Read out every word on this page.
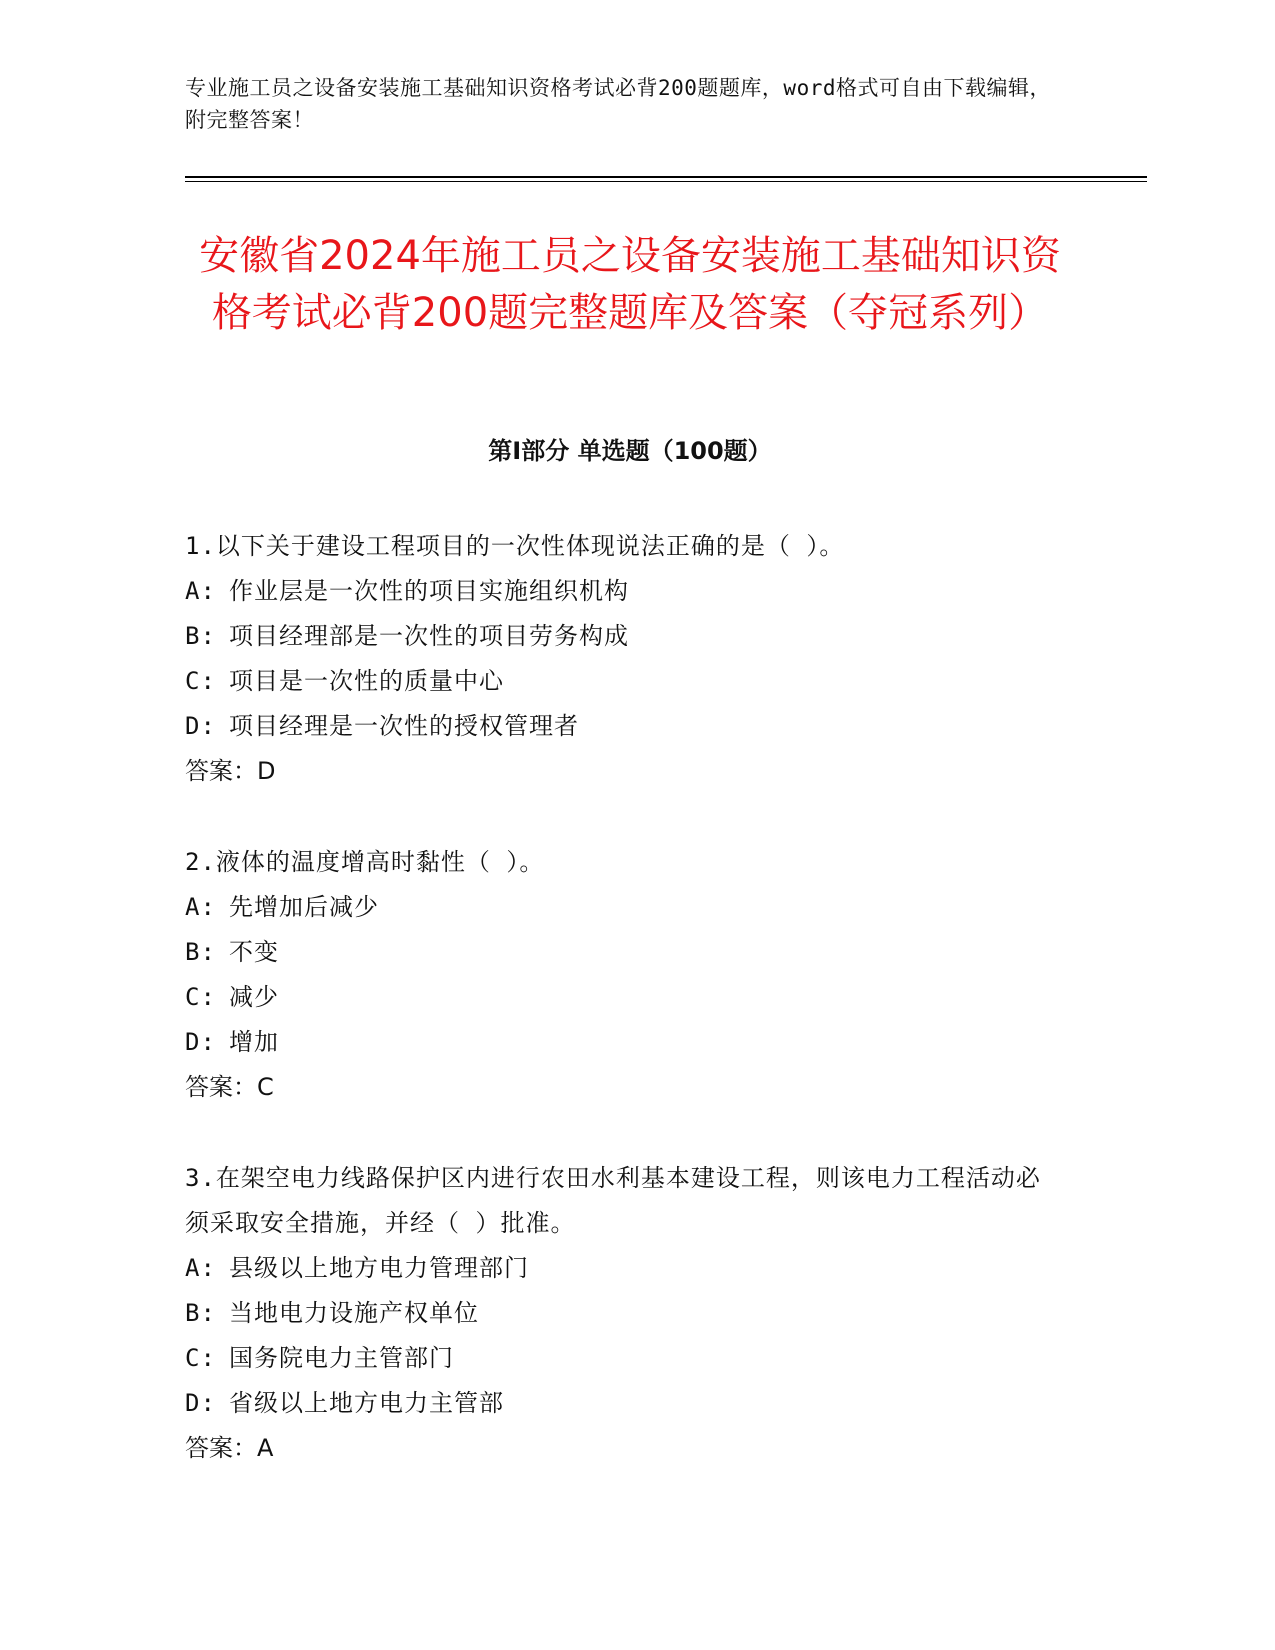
专业施工员之设备安装施工基础知识资格考试必背200题题库，word格式可自由下载编辑，附完整答案！
安徽省2024年施工员之设备安装施工基础知识资格考试必背200题完整题库及答案（夺冠系列）
第Ⅰ部分 单选题（100题）

1.以下关于建设工程项目的一次性体现说法正确的是（ ）。

A: 作业层是一次性的项目实施组织机构

B: 项目经理部是一次性的项目劳务构成

C: 项目是一次性的质量中心

D: 项目经理是一次性的授权管理者

答案：D

2.液体的温度增高时黏性（ ）。

A: 先增加后减少

B: 不变

C: 减少

D: 增加

答案：C

3.在架空电力线路保护区内进行农田水利基本建设工程，则该电力工程活动必须采取安全措施，并经（ ）批准。

A: 县级以上地方电力管理部门

B: 当地电力设施产权单位

C: 国务院电力主管部门

D: 省级以上地方电力主管部

答案：A
